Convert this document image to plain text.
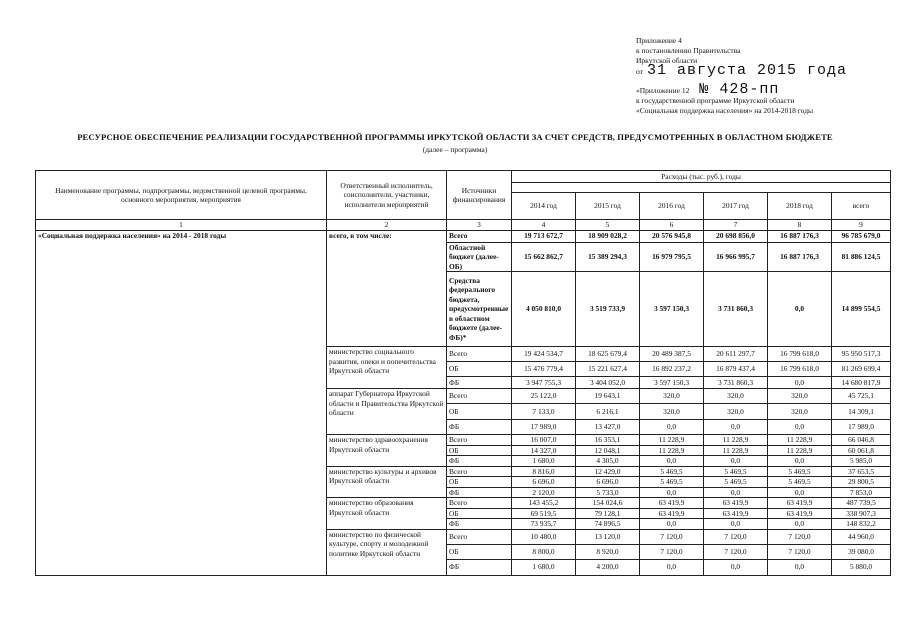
Приложение 4
к постановлению Правительства
Иркутской области
от 31 августа 2015 года
«Приложение 12 № 428-пп
к государственной программе Иркутской области
«Социальная поддержка населения» на 2014-2018 годы
РЕСУРСНОЕ ОБЕСПЕЧЕНИЕ РЕАЛИЗАЦИИ ГОСУДАРСТВЕННОЙ ПРОГРАММЫ ИРКУТСКОЙ ОБЛАСТИ ЗА СЧЕТ СРЕДСТВ, ПРЕДУСМОТРЕННЫХ В ОБЛАСТНОМ БЮДЖЕТЕ
(далее – программа)
Наименование программы, подпрограммы, ведомственной целевой программы, основного мероприятия, мероприятия	Ответственный исполнитель, соисполнители, участники, исполнители мероприятий	Источники финансирования	Расходы (тыс. руб.), годы					

			2014 год	2015 год	2016 год	2017 год	2018 год	всего
1	2	3	4	5	6	7	8	9
«Социальная поддержка населения» на 2014 - 2018 годы	всего, в том числе:	Всего	19 713 672,7	18 909 028,2	20 576 945,8	20 698 856,0	16 887 176,3	96 785 679,0
		Областной бюджет (далее-ОБ)	15 662 862,7	15 389 294,3	16 979 795,5	16 966 995,7	16 887 176,3	81 886 124,5
		Средства федерального бюджета, предусмотренные в областном бюджете (далее-ФБ)*	4 050 810,0	3 519 733,9	3 597 150,3	3 731 860,3	0,0	14 899 554,5
	министерство социального развития, опеки и попечительства Иркутской области	Всего	19 424 534,7	18 625 679,4	20 489 387,5	20 611 297,7	16 799 618,0	95 950 517,3
		ОБ	15 476 779,4	15 221 627,4	16 892 237,2	16 879 437,4	16 799 618,0	81 269 699,4
		ФБ	3 947 755,3	3 404 052,0	3 597 150,3	3 731 860,3	0,0	14 680 817,9
	аппарат Губернатора Иркутской области и Правительства Иркутской области	Всего	25 122,0	19 643,1	320,0	320,0	320,0	45 725,1
		ОБ	7 133,0	6 216,1	320,0	320,0	320,0	14 309,1
		ФБ	17 989,0	13 427,0	0,0	0,0	0,0	17 989,0
	министерство здравоохранения Иркутской области	Всего	16 007,0	16 353,1	11 228,9	11 228,9	11 228,9	66 046,8
		ОБ	14 327,0	12 048,1	11 228,9	11 228,9	11 228,9	60 061,8
		ФБ	1 680,0	4 305,0	0,0	0,0	0,0	5 985,0
	министерство культуры и архивов Иркутской области	Всего	8 816,0	12 429,0	5 469,5	5 469,5	5 469,5	37 653,5
		ОБ	6 696,0	6 696,0	5 469,5	5 469,5	5 469,5	29 800,5
		ФБ	2 120,0	5 733,0	0,0	0,0	0,0	7 853,0
	министерство образования Иркутской области	Всего	143 455,2	154 024,6	63 419,9	63 419,9	63 419,9	487 739,5
		ОБ	69 519,5	79 128,1	63 419,9	63 419,9	63 419,9	338 907,3
		ФБ	73 935,7	74 896,5	0,0	0,0	0,0	148 832,2
	министерство по физической культуре, спорту и молодежной политике Иркутской области	Всего	10 480,0	13 120,0	7 120,0	7 120,0	7 120,0	44 960,0
		ОБ	8 800,0	8 920,0	7 120,0	7 120,0	7 120,0	39 080,0
		ФБ	1 680,0	4 200,0	0,0	0,0	0,0	5 880,0
